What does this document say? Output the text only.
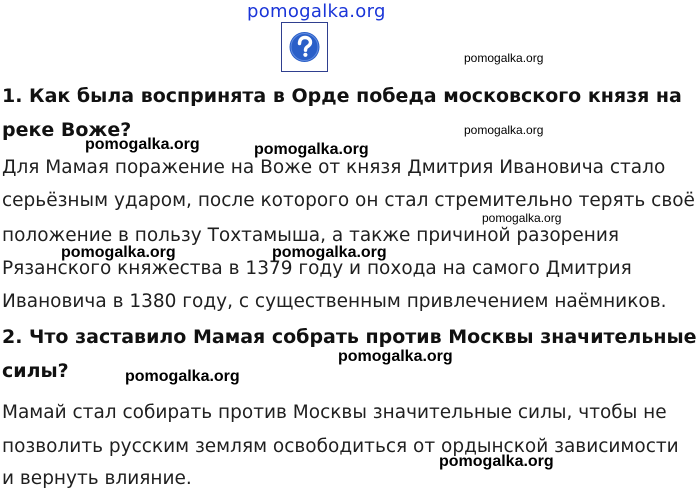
pomogalka.org
pomogalka.org
pomogalka.org
pomogalka.org
1. Как была воспринята в Орде победа московского князя на
реке Воже?
Для Мамая поражение на Воже от князя Дмитрия Ивановича стало
серьёзным ударом, после которого он стал стремительно терять своё
положение в пользу Тохтамыша, а также причиной разорения
Рязанского княжества в 1379 году и похода на самого Дмитрия
Ивановича в 1380 году, с существенным привлечением наёмников.
2. Что заставило Мамая собрать против Москвы значительные
силы?
Мамай стал собирать против Москвы значительные силы, чтобы не
позволить русским землям освободиться от ордынской зависимости
и вернуть влияние.
pomogalka.org	pomogalka.org
pomogalka.org	pomogalka.org
pomogalka.org
pomogalka.org
pomogalka.org
